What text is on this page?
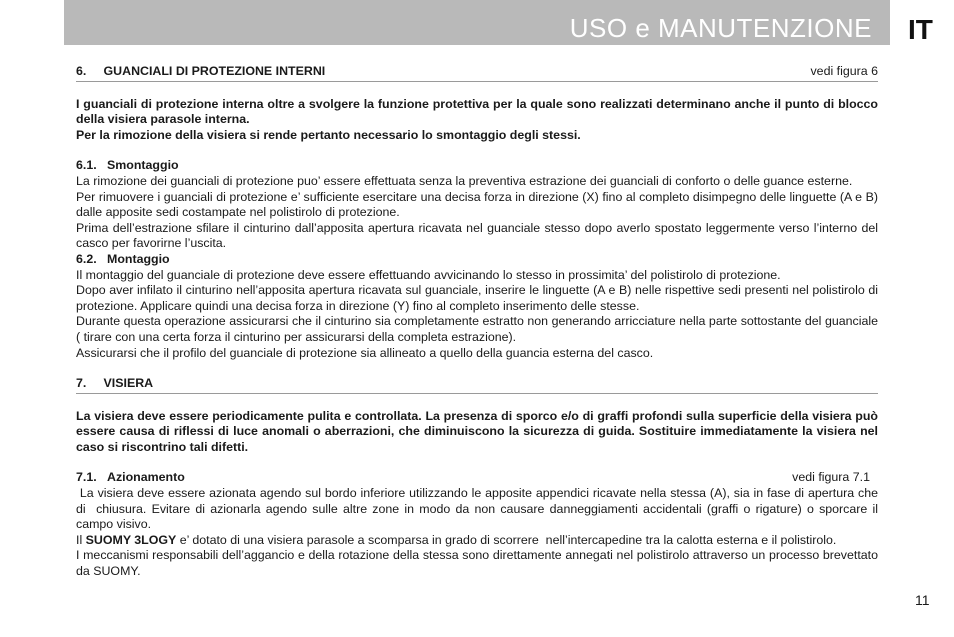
USO e MANUTENZIONE IT
6.     GUANCIALI DI PROTEZIONE INTERNI	vedi figura 6

I guanciali di protezione interna oltre a svolgere la funzione protettiva per la quale sono realizzati determinano anche il punto di blocco della visiera parasole interna.

Per la rimozione della visiera si rende pertanto necessario lo smontaggio degli stessi.

6.1.   Smontaggio

La rimozione dei guanciali di protezione puo’ essere effettuata senza la preventiva estrazione dei guanciali di conforto o delle guance esterne.

Per rimuovere i guanciali di protezione e’ sufficiente esercitare una decisa forza in direzione (X) fino al completo disimpegno delle linguette (A e B) dalle apposite sedi costampate nel polistirolo di protezione.

Prima dell’estrazione sfilare il cinturino dall’apposita apertura ricavata nel guanciale stesso dopo averlo spostato leggermente verso l’interno del casco per favorirne l’uscita.

6.2.   Montaggio

Il montaggio del guanciale di protezione deve essere effettuando avvicinando lo stesso in prossimita’ del polistirolo di protezione.

Dopo aver infilato il cinturino nell’apposita apertura ricavata sul guanciale, inserire le linguette (A e B) nelle rispettive sedi presenti nel polistirolo di protezione. Applicare quindi una decisa forza in direzione (Y) fino al completo inserimento delle stesse.

Durante questa operazione assicurarsi che il cinturino sia completamente estratto non generando arricciature nella parte sottostante del guanciale ( tirare con una certa forza il cinturino per assicurarsi della completa estrazione).

Assicurarsi che il profilo del guanciale di protezione sia allineato a quello della guancia esterna del casco.

7.     VISIERA

La visiera deve essere periodicamente pulita e controllata. La presenza di sporco e/o di graffi profondi sulla superficie della visiera può essere causa di riflessi di luce anomali o aberrazioni, che diminuiscono la sicurezza di guida. Sostituire immediatamente la visiera nel caso si riscontrino tali difetti.

7.1.   Azionamento	vedi figura 7.1

La visiera deve essere azionata agendo sul bordo inferiore utilizzando le apposite appendici ricavate nella stessa (A), sia in fase di apertura che di  chiusura. Evitare di azionarla agendo sulle altre zone in modo da non causare danneggiamenti accidentali (graffi o rigature) o sporcare il campo visivo.

Il SUOMY 3LOGY e’ dotato di una visiera parasole a scomparsa in grado di scorrere  nell’intercapedine tra la calotta esterna e il polistirolo.

I meccanismi responsabili dell’aggancio e della rotazione della stessa sono direttamente annegati nel polistirolo attraverso un processo brevettato da SUOMY.

11
